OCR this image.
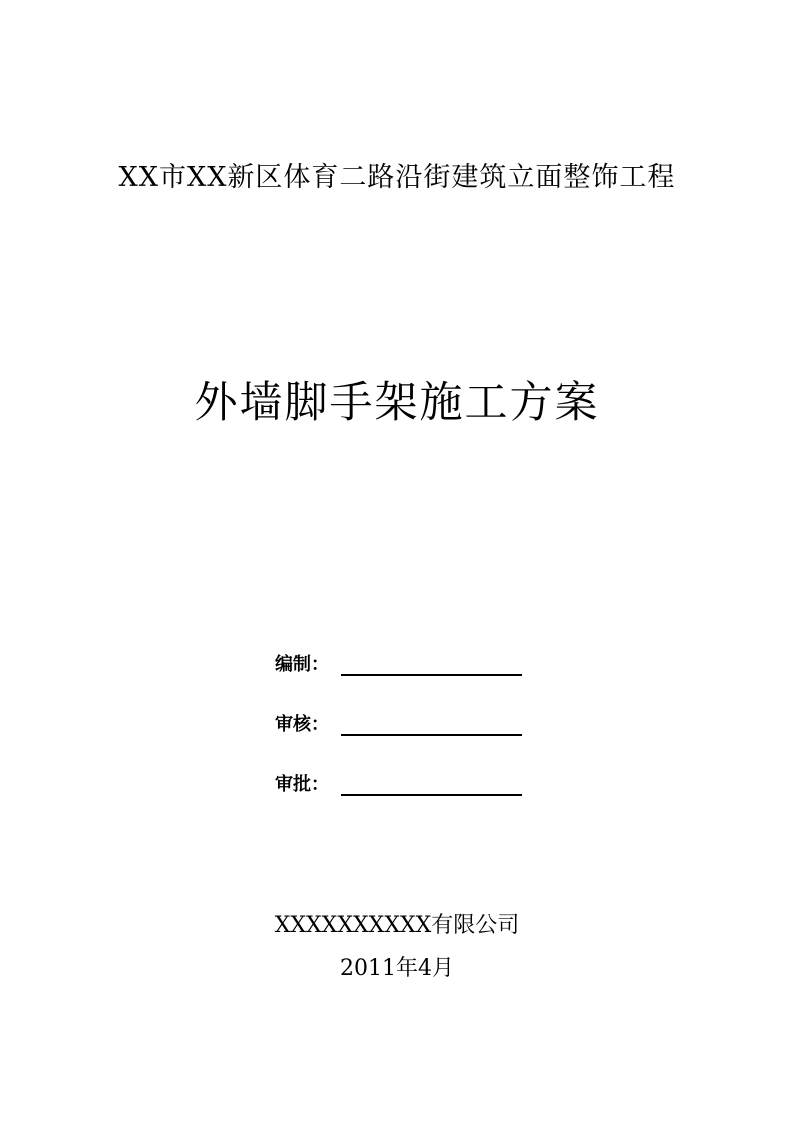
XX市XX新区体育二路沿街建筑立面整饰工程
外墙脚手架施工方案
编制：
审核：
审批：
XXXXXXXXXX有限公司
2011年4月
